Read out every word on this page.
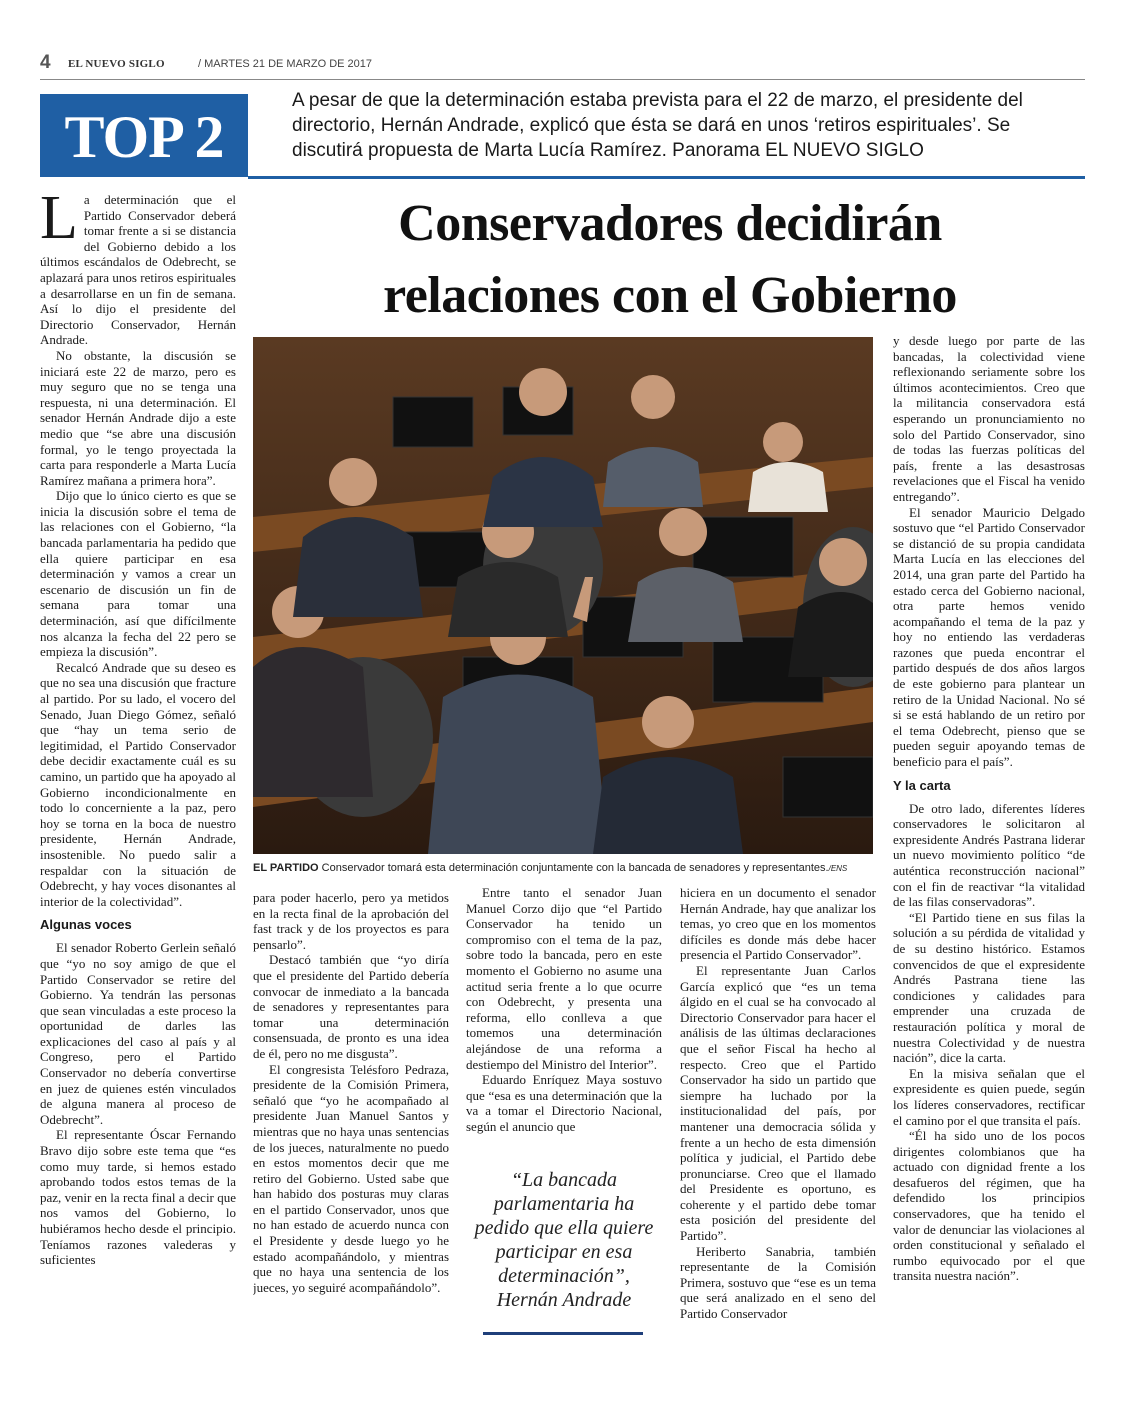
4 EL NUEVO SIGLO	/ MARTES 21 DE MARZO DE 2017
TOP 2
A pesar de que la determinación estaba prevista para el 22 de marzo, el presidente del directorio, Hernán Andrade, explicó que ésta se dará en unos ‘retiros espirituales’. Se discutirá propuesta de Marta Lucía Ramírez. Panorama EL NUEVO SIGLO
Conservadores decidirán
relaciones con el Gobierno

La determinación que el Partido Conservador deberá tomar frente a si se distancia del Gobierno debido a los últimos escándalos de Odebrecht, se aplazará para unos retiros espirituales a desarrollarse en un fin de semana. Así lo dijo el presidente del Directorio Conservador, Hernán Andrade.

No obstante, la discusión se iniciará este 22 de marzo, pero es muy seguro que no se tenga una respuesta, ni una determinación. El senador Hernán Andrade dijo a este medio que “se abre una discusión formal, yo le tengo proyectada la carta para responderle a Marta Lucía Ramírez mañana a primera hora”.

Dijo que lo único cierto es que se inicia la discusión sobre el tema de las relaciones con el Gobierno, “la bancada parlamentaria ha pedido que ella quiere participar en esa determinación y vamos a crear un escenario de discusión un fin de semana para tomar una determinación, así que difícilmente nos alcanza la fecha del 22 pero se empieza la discusión”.

Recalcó Andrade que su deseo es que no sea una discusión que fracture al partido. Por su lado, el vocero del Senado, Juan Diego Gómez, señaló que “hay un tema serio de legitimidad, el Partido Conservador debe decidir exactamente cuál es su camino, un partido que ha apoyado al Gobierno incondicionalmente en todo lo concerniente a la paz, pero hoy se torna en la boca de nuestro presidente, Hernán Andrade, insostenible. No puedo salir a respaldar con la situación de Odebrecht, y hay voces disonantes al interior de la colectividad”.

Algunas voces

El senador Roberto Gerlein señaló que “yo no soy amigo de que el Partido Conservador se retire del Gobierno. Ya tendrán las personas que sean vinculadas a este proceso la oportunidad de darles las explicaciones del caso al país y al Congreso, pero el Partido Conservador no debería convertirse en juez de quienes estén vinculados de alguna manera al proceso de Odebrecht”.

El representante Óscar Fernando Bravo dijo sobre este tema que “es como muy tarde, si hemos estado aprobando todos estos temas de la paz, venir en la recta final a decir que nos vamos del Gobierno, lo hubiéramos hecho desde el principio. Teníamos razones valederas y suficientes

EL PARTIDO Conservador tomará esta determinación conjuntamente con la bancada de senadores y representantes./ENS

para poder hacerlo, pero ya metidos en la recta final de la aprobación del fast track y de los proyectos es para pensarlo”.

Destacó también que “yo diría que el presidente del Partido debería convocar de inmediato a la bancada de senadores y representantes para tomar una determinación consensuada, de pronto es una idea de él, pero no me disgusta”.

El congresista Telésforo Pedraza, presidente de la Comisión Primera, señaló que “yo he acompañado al presidente Juan Manuel Santos y mientras que no haya unas sentencias de los jueces, naturalmente no puedo en estos momentos decir que me retiro del Gobierno. Usted sabe que han habido dos posturas muy claras en el partido Conservador, unos que no han estado de acuerdo nunca con el Presidente y desde luego yo he estado acompañándolo, y mientras que no haya una sentencia de los jueces, yo seguiré acompañándolo”.

Entre tanto el senador Juan Manuel Corzo dijo que “el Partido Conservador ha tenido un compromiso con el tema de la paz, sobre todo la bancada, pero en este momento el Gobierno no asume una actitud seria frente a lo que ocurre con Odebrecht, y presenta una reforma, ello conlleva a que tomemos una determinación alejándose de una reforma a destiempo del Ministro del Interior”.

Eduardo Enríquez Maya sostuvo que “esa es una determinación que la va a tomar el Directorio Nacional, según el anuncio que

“La bancada parlamentaria ha pedido que ella quiere participar en esa determinación”,
Hernán Andrade

hiciera en un documento el senador Hernán Andrade, hay que analizar los temas, yo creo que en los momentos difíciles es donde más debe hacer presencia el Partido Conservador”.

El representante Juan Carlos García explicó que “es un tema álgido en el cual se ha convocado al Directorio Conservador para hacer el análisis de las últimas declaraciones que el señor Fiscal ha hecho al respecto. Creo que el Partido Conservador ha sido un partido que siempre ha luchado por la institucionalidad del país, por mantener una democracia sólida y frente a un hecho de esta dimensión política y judicial, el Partido debe pronunciarse. Creo que el llamado del Presidente es oportuno, es coherente y el partido debe tomar esta posición del presidente del Partido”.

Heriberto Sanabria, también representante de la Comisión Primera, sostuvo que “ese es un tema que será analizado en el seno del Partido Conservador

y desde luego por parte de las bancadas, la colectividad viene reflexionando seriamente sobre los últimos acontecimientos. Creo que la militancia conservadora está esperando un pronunciamiento no solo del Partido Conservador, sino de todas las fuerzas políticas del país, frente a las desastrosas revelaciones que el Fiscal ha venido entregando”.

El senador Mauricio Delgado sostuvo que “el Partido Conservador se distanció de su propia candidata Marta Lucía en las elecciones del 2014, una gran parte del Partido ha estado cerca del Gobierno nacional, otra parte hemos venido acompañando el tema de la paz y hoy no entiendo las verdaderas razones que pueda encontrar el partido después de dos años largos de este gobierno para plantear un retiro de la Unidad Nacional. No sé si se está hablando de un retiro por el tema Odebrecht, pienso que se pueden seguir apoyando temas de beneficio para el país”.

Y la carta

De otro lado, diferentes líderes conservadores le solicitaron al expresidente Andrés Pastrana liderar un nuevo movimiento político “de auténtica reconstrucción nacional” con el fin de reactivar “la vitalidad de las filas conservadoras”.

“El Partido tiene en sus filas la solución a su pérdida de vitalidad y de su destino histórico. Estamos convencidos de que el expresidente Andrés Pastrana tiene las condiciones y calidades para emprender una cruzada de restauración política y moral de nuestra Colectividad y de nuestra nación”, dice la carta.

En la misiva señalan que el expresidente es quien puede, según los líderes conservadores, rectificar el camino por el que transita el país.

“Él ha sido uno de los pocos dirigentes colombianos que ha actuado con dignidad frente a los desafueros del régimen, que ha defendido los principios conservadores, que ha tenido el valor de denunciar las violaciones al orden constitucional y señalado el rumbo equivocado por el que transita nuestra nación”.
